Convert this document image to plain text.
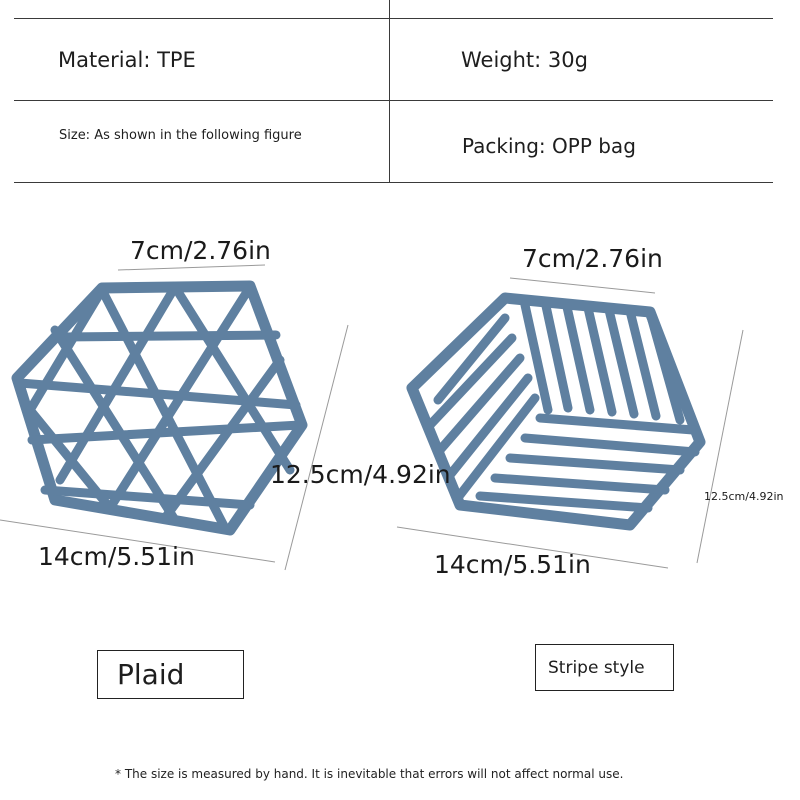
Material: TPE	Weight: 30g
Size: As shown in the following figure	Packing: OPP bag
7cm/2.76in
12.5cm/4.92in
14cm/5.51in
7cm/2.76in
12.5cm/4.92in
14cm/5.51in
Plaid	Stripe style
* The size is measured by hand. It is inevitable that errors will not affect normal use.
